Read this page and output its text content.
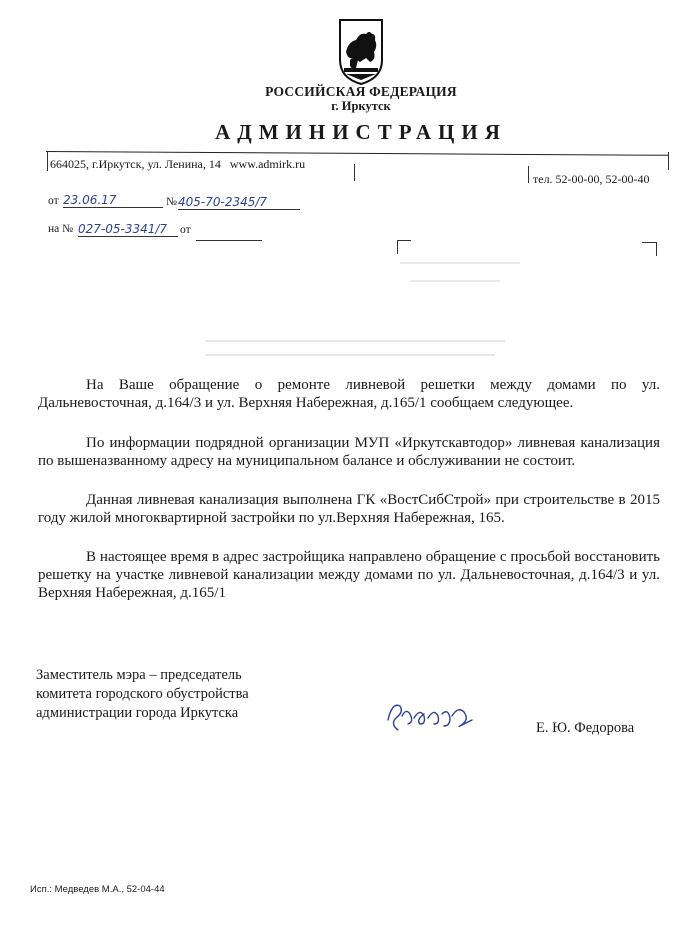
РОССИЙСКАЯ ФЕДЕРАЦИЯ
г. Иркутск
АДМИНИСТРАЦИЯ
664025, г.Иркутск, ул. Ленина, 14 www.admirk.ru
тел. 52-00-00, 52-00-40
от 23.06.17	№ 405-70-2345/7
на № 027-05-3341/7	от
На Ваше обращение о ремонте ливневой решетки между домами по ул. Дальневосточная, д.164/3 и ул. Верхняя Набережная, д.165/1 сообщаем следующее.
По информации подрядной организации МУП «Иркутскавтодор» ливневая канализация по вышеназванному адресу на муниципальном балансе и обслуживании не состоит.
Данная ливневая канализация выполнена ГК «ВостСибСтрой» при строительстве в 2015 году жилой многоквартирной застройки по ул.Верхняя Набережная, 165.
В настоящее время в адрес застройщика направлено обращение с просьбой восстановить решетку на участке ливневой канализации между домами по ул. Дальневосточная, д.164/3 и ул. Верхняя Набережная, д.165/1
Заместитель мэра – председатель
комитета городского обустройства
администрации города Иркутска
Федорова
Е. Ю. Федорова
Исп.: Медведев М.А., 52-04-44
